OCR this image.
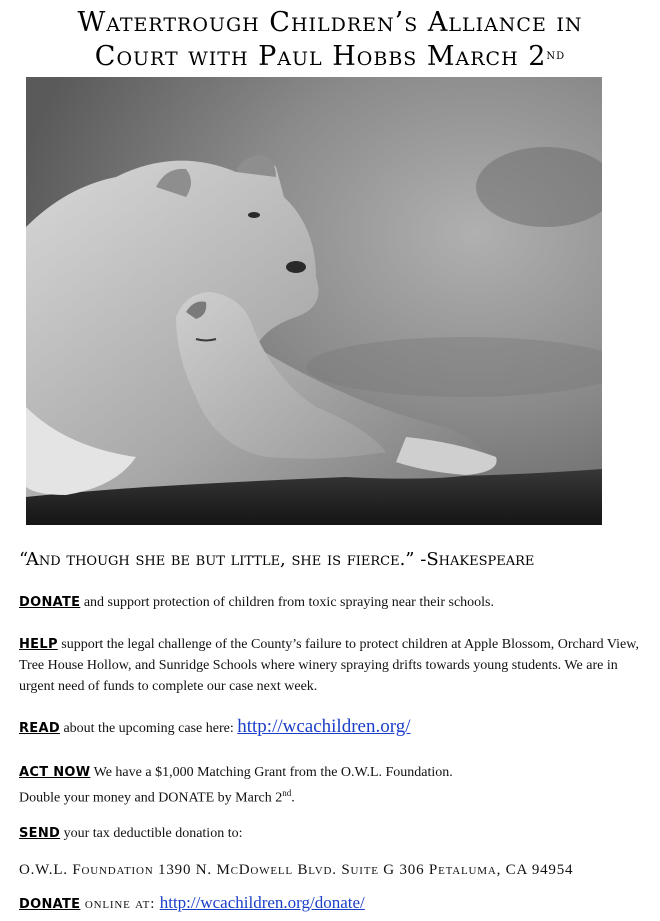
Watertrough Children’s Alliance in
Court with Paul Hobbs March 2nd
“And though she be but little, she is fierce.” -Shakespeare
DONATE and support protection of children from toxic spraying near their schools.
HELP support the legal challenge of the County’s failure to protect children at Apple Blossom, Orchard View, Tree House Hollow, and Sunridge Schools where winery spraying drifts towards young students. We are in urgent need of funds to complete our case next week.
READ about the upcoming case here: http://wcachildren.org/
ACT NOW We have a $1,000 Matching Grant from the O.W.L. Foundation.
Double your money and DONATE by March 2nd.
SEND your tax deductible donation to:
O.W.L. Foundation 1390 N. McDowell Blvd. Suite G 306 Petaluma, CA 94954
DONATE online at: http://wcachildren.org/donate/
